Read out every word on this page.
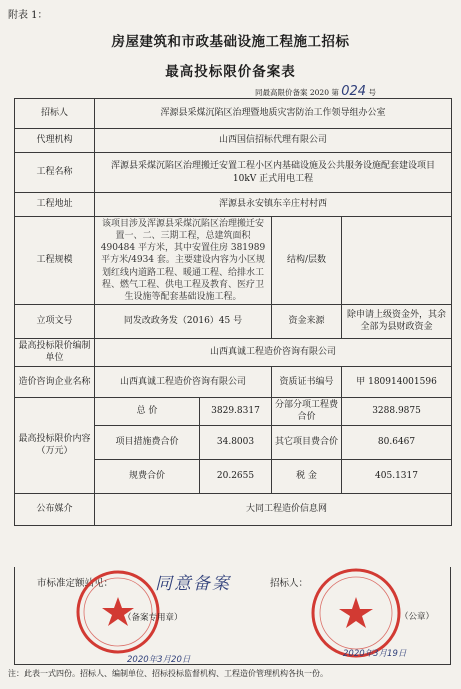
附表 1：
房屋建筑和市政基础设施工程施工招标
最高投标限价备案表
同最高限价备案 2020 第 024 号
招标人	浑源县采煤沉陷区治理暨地质灾害防治工作领导组办公室			
代理机构	山西国信招标代理有限公司			
工程名称	浑源县采煤沉陷区治理搬迁安置工程小区内基础设施及公共服务设施配套建设项目 10kV 正式用电工程			
工程地址	浑源县永安镇东辛庄村村西			
工程规模	该项目涉及浑源县采煤沉陷区治理搬迁安置一、二、三期工程，总建筑面积 490484 平方米，其中安置住房 381989 平方米/4934 套。主要建设内容为小区规划红线内道路工程、暖通工程、给排水工程、燃气工程、供电工程及教育、医疗卫生设施等配套基础设施工程。		结构/层数	
立项文号	同发改政务发（2016）45 号		资金来源	除申请上级资金外，其余全部为县财政资金
最高投标限价编制单位	山西真诚工程造价咨询有限公司			
造价咨询企业名称	山西真诚工程造价咨询有限公司		资质证书编号	甲 180914001596
最高投标限价内容（万元）	总 价	3829.8317	分部分项工程费合价	3288.9875
	项目措施费合价	34.8003	其它项目费合价	80.6467
	规费合价	20.2655	税 金	405.1317
公布媒介	大同工程造价信息网			
市标准定额站见： 同意备案	招标人：
（备案专用章）	（公章）
2020年3月20日
2020年3月19日
注：此表一式四份。招标人、编制单位、招标投标监督机构、工程造价管理机构各执一份。
